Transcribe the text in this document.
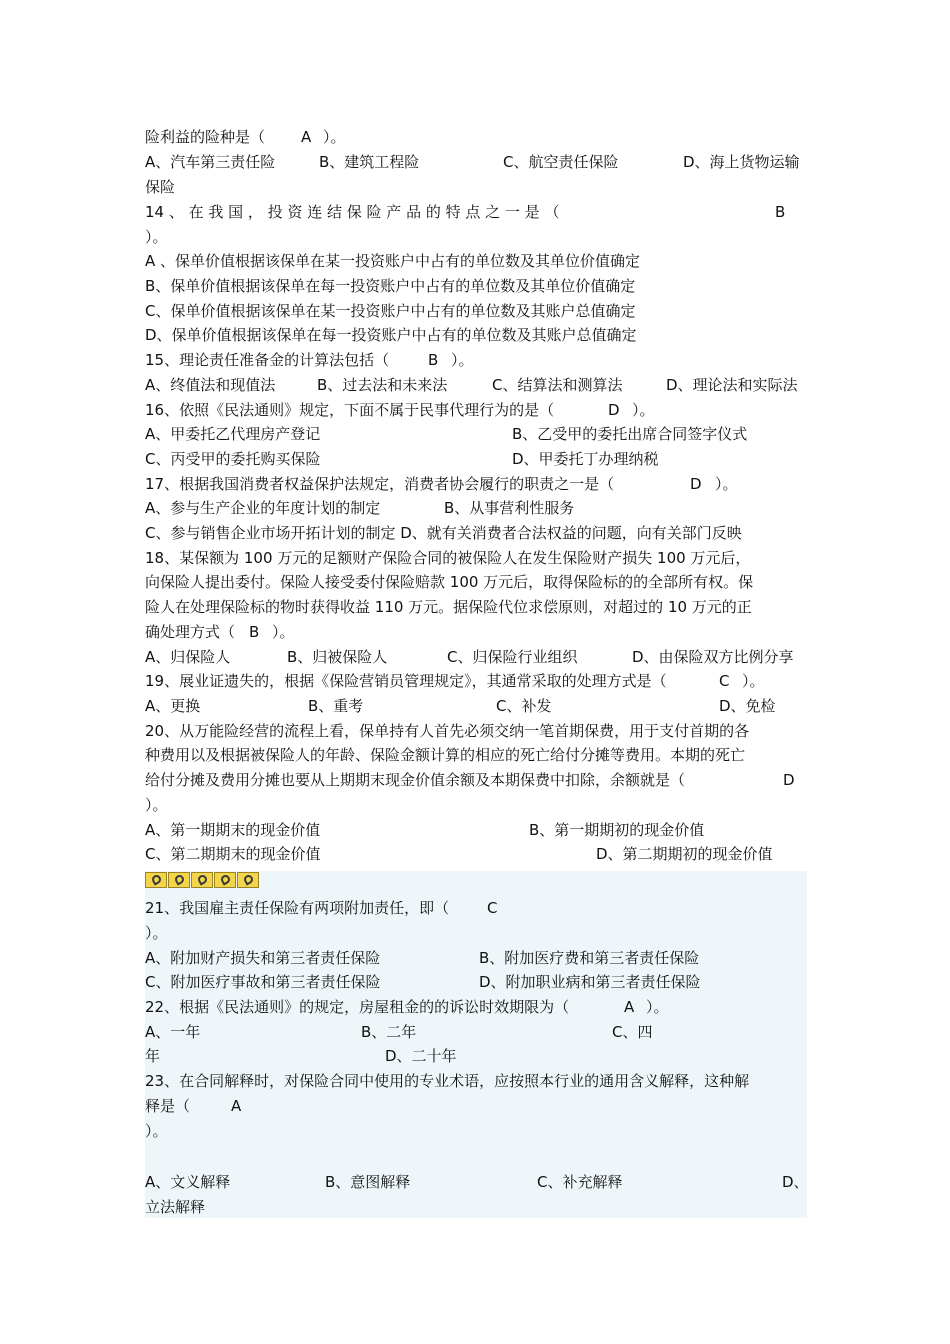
险利益的险种是（ A ）。
A、汽车第三责任险	B、建筑工程险	C、航空责任保险	D、海上货物运输
保险
14 、 在 我 国 ， 投 资 连 结 保 险 产 品 的 特 点 之 一 是 （	B
）。
A 、保单价值根据该保单在某一投资账户中占有的单位数及其单位价值确定
B、保单价值根据该保单在每一投资账户中占有的单位数及其单位价值确定
C、保单价值根据该保单在某一投资账户中占有的单位数及其账户总值确定
D、保单价值根据该保单在每一投资账户中占有的单位数及其账户总值确定
15、理论责任准备金的计算法包括（	B ）。
A、终值法和现值法	B、过去法和未来法	C、结算法和测算法	D、理论法和实际法
16、依照《民法通则》规定，下面不属于民事代理行为的是（	D ）。
A、甲委托乙代理房产登记	B、乙受甲的委托出席合同签字仪式
C、丙受甲的委托购买保险	D、甲委托丁办理纳税
17、根据我国消费者权益保护法规定，消费者协会履行的职责之一是（	D ）。
A、参与生产企业的年度计划的制定	B、从事营利性服务
C、参与销售企业市场开拓计划的制定 D、就有关消费者合法权益的问题，向有关部门反映
18、某保额为 100 万元的足额财产保险合同的被保险人在发生保险财产损失 100 万元后，
向保险人提出委付。保险人接受委付保险赔款 100 万元后，取得保险标的的全部所有权。保
险人在处理保险标的物时获得收益 110 万元。据保险代位求偿原则，对超过的 10 万元的正
确处理方式（ B ）。
A、归保险人	B、归被保险人	C、归保险行业组织	D、由保险双方比例分享
19、展业证遗失的，根据《保险营销员管理规定》，其通常采取的处理方式是（	C ）。
A、更换	B、重考	C、补发	D、免检
20、从万能险经营的流程上看，保单持有人首先必须交纳一笔首期保费，用于支付首期的各
种费用以及根据被保险人的年龄、保险金额计算的相应的死亡给付分摊等费用。本期的死亡
给付分摊及费用分摊也要从上期期末现金价值余额及本期保费中扣除，余额就是（	D
）。
A、第一期期末的现金价值	B、第一期期初的现金价值
C、第二期期末的现金价值	D、第二期期初的现金价值
21、我国雇主责任保险有两项附加责任，即（	C
）。
A、附加财产损失和第三者责任保险	B、附加医疗费和第三者责任保险
C、附加医疗事故和第三者责任保险	D、附加职业病和第三者责任保险
22、根据《民法通则》的规定，房屋租金的的诉讼时效期限为（	A ）。
A、一年	B、二年	C、四
年	D、二十年
23、在合同解释时，对保险合同中使用的专业术语，应按照本行业的通用含义解释，这种解
释是（	A
）。
A、文义解释	B、意图解释	C、补充解释	D、
立法解释
